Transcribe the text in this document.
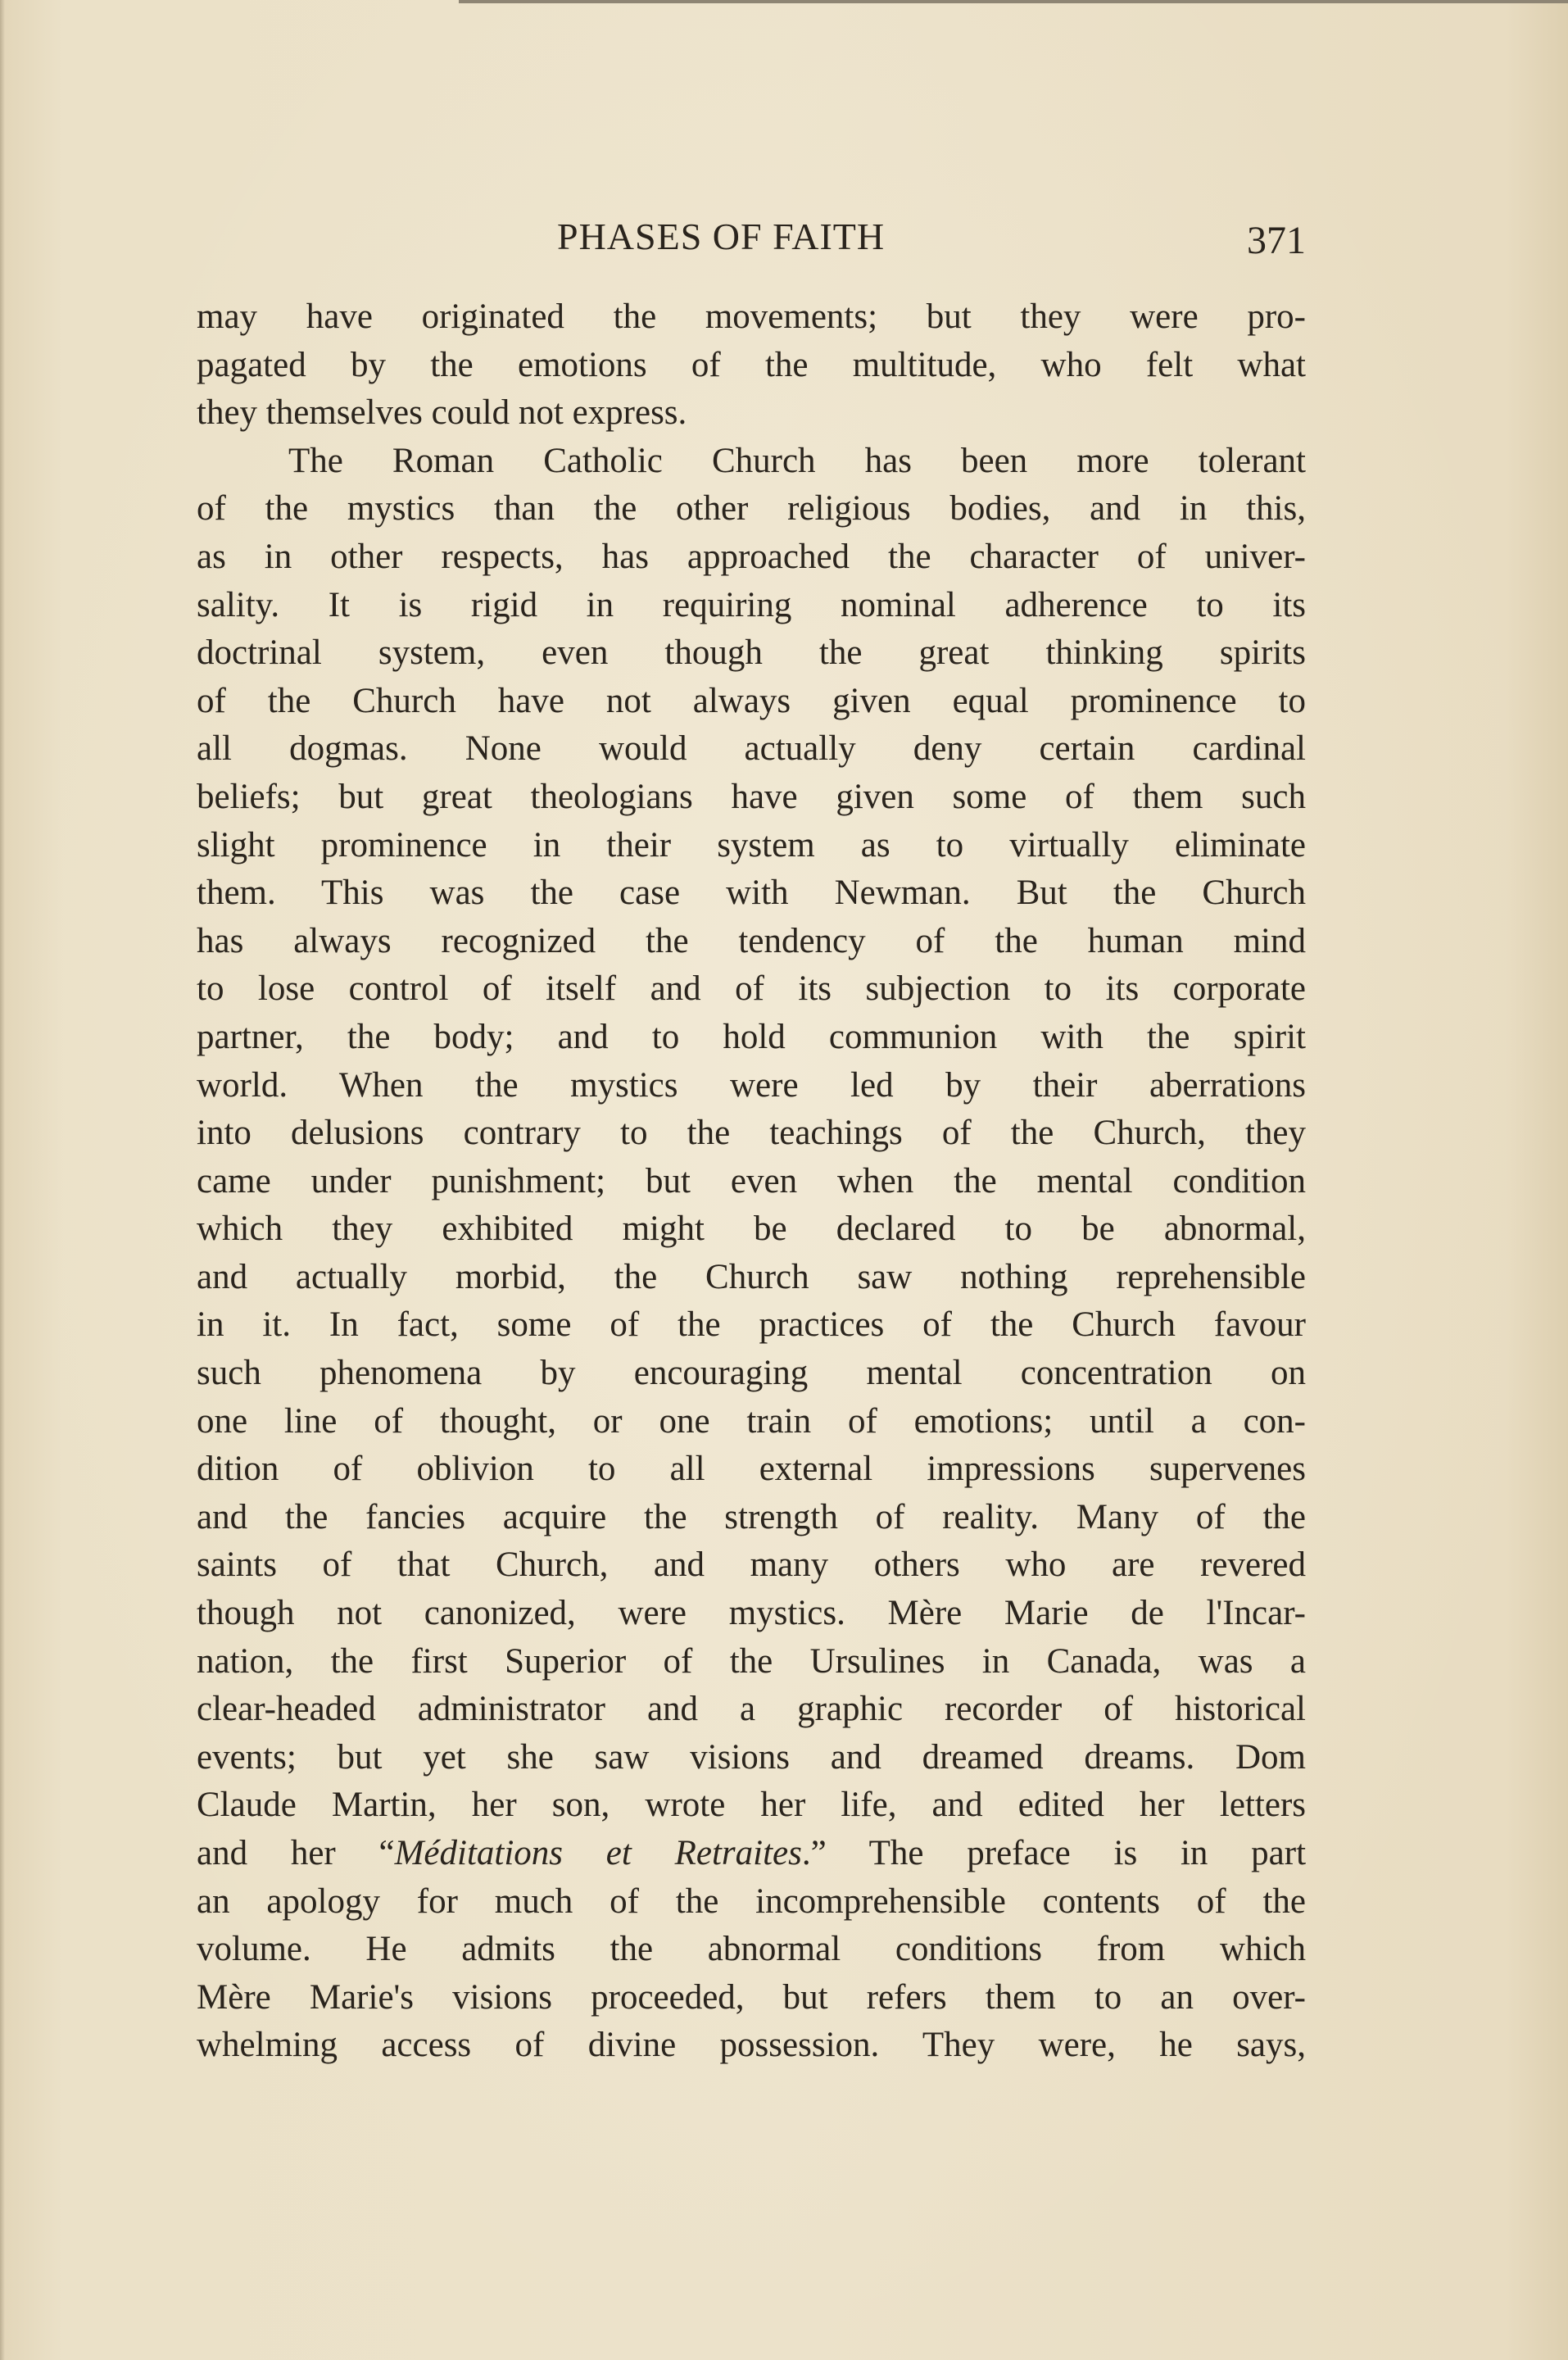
PHASES OF FAITH	371
may have originated the movements; but they were pro-
pagated by the emotions of the multitude, who felt what
they themselves could not express.
The Roman Catholic Church has been more tolerant
of the mystics than the other religious bodies, and in this,
as in other respects, has approached the character of univer-
sality. It is rigid in requiring nominal adherence to its
doctrinal system, even though the great thinking spirits
of the Church have not always given equal prominence to
all dogmas. None would actually deny certain cardinal
beliefs; but great theologians have given some of them such
slight prominence in their system as to virtually eliminate
them. This was the case with Newman. But the Church
has always recognized the tendency of the human mind
to lose control of itself and of its subjection to its corporate
partner, the body; and to hold communion with the spirit
world. When the mystics were led by their aberrations
into delusions contrary to the teachings of the Church, they
came under punishment; but even when the mental condition
which they exhibited might be declared to be abnormal,
and actually morbid, the Church saw nothing reprehensible
in it. In fact, some of the practices of the Church favour
such phenomena by encouraging mental concentration on
one line of thought, or one train of emotions; until a con-
dition of oblivion to all external impressions supervenes
and the fancies acquire the strength of reality. Many of the
saints of that Church, and many others who are revered
though not canonized, were mystics. Mère Marie de l'Incar-
nation, the first Superior of the Ursulines in Canada, was a
clear-headed administrator and a graphic recorder of historical
events; but yet she saw visions and dreamed dreams. Dom
Claude Martin, her son, wrote her life, and edited her letters
and her “Méditations et Retraites.” The preface is in part
an apology for much of the incomprehensible contents of the
volume. He admits the abnormal conditions from which
Mère Marie's visions proceeded, but refers them to an over-
whelming access of divine possession. They were, he says,
